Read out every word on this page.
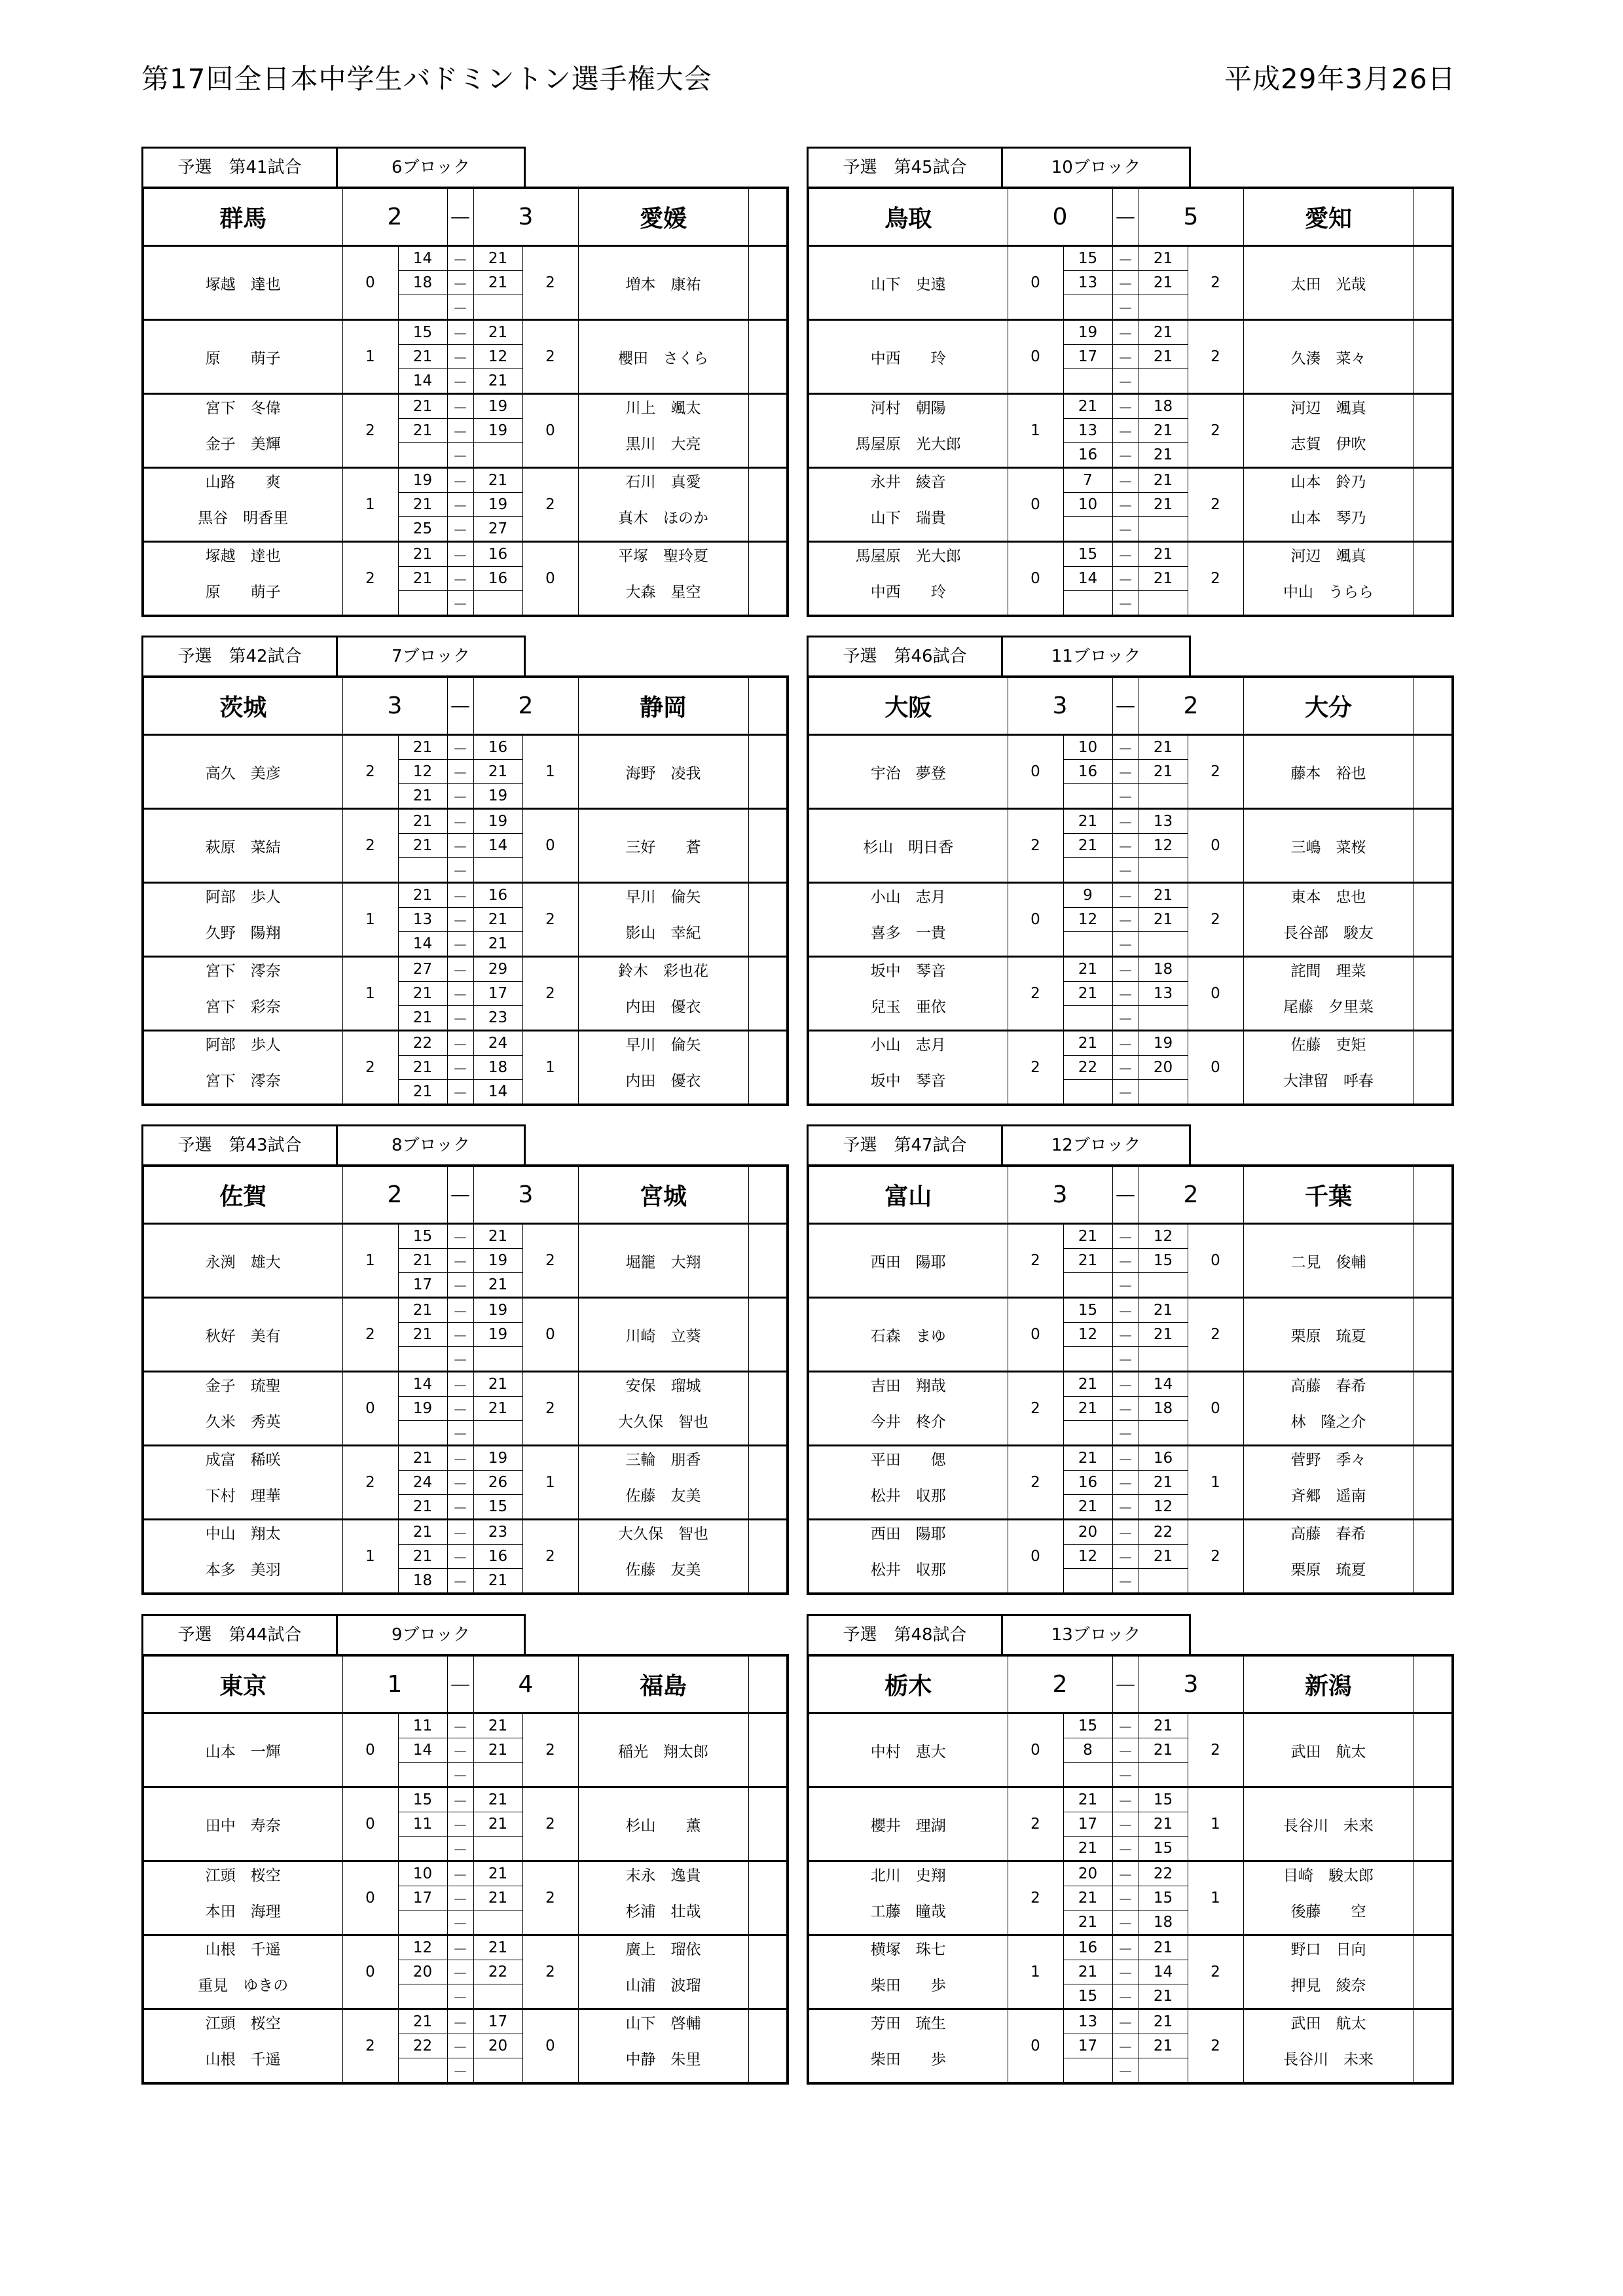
第17回全日本中学生バドミントン選手権大会	平成29年3月26日
予選　第41試合	6ブロック
群馬	2		－	3		愛媛	
塚越　達也	0	14	－	21	2	増本　康祐	
		18	－	21			
			－				
原　　萌子	1	15	－	21	2	櫻田　さくら	
		21	－	12			
		14	－	21			
宮下　冬偉	2	21	－	19	0	川上　颯太	
金子　美輝		21	－	19		黒川　大亮	
			－				
山路　　爽	1	19	－	21	2	石川　真愛	
黒谷　明香里		21	－	19		真木　ほのか	
		25	－	27			
塚越　達也	2	21	－	16	0	平塚　聖玲夏	
原　　萌子		21	－	16		大森　星空	
			－				
予選　第45試合	10ブロック
鳥取	0		－	5		愛知	
山下　史遠	0	15	－	21	2	太田　光哉	
		13	－	21			
			－				
中西　　玲	0	19	－	21	2	久湊　菜々	
		17	－	21			
			－				
河村　朝陽	1	21	－	18	2	河辺　颯真	
馬屋原　光大郎		13	－	21		志賀　伊吹	
		16	－	21			
永井　綾音	0	7	－	21	2	山本　鈴乃	
山下　瑞貴		10	－	21		山本　琴乃	
			－				
馬屋原　光大郎	0	15	－	21	2	河辺　颯真	
中西　　玲		14	－	21		中山　うらら	
			－				
予選　第42試合	7ブロック
茨城	3		－	2		静岡	
高久　美彦	2	21	－	16	1	海野　凌我	
		12	－	21			
		21	－	19			
萩原　菜結	2	21	－	19	0	三好　　蒼	
		21	－	14			
			－				
阿部　歩人	1	21	－	16	2	早川　倫矢	
久野　陽翔		13	－	21		影山　幸紀	
		14	－	21			
宮下　澪奈	1	27	－	29	2	鈴木　彩也花	
宮下　彩奈		21	－	17		内田　優衣	
		21	－	23			
阿部　歩人	2	22	－	24	1	早川　倫矢	
宮下　澪奈		21	－	18		内田　優衣	
		21	－	14			
予選　第46試合	11ブロック
大阪	3		－	2		大分	
宇治　夢登	0	10	－	21	2	藤本　裕也	
		16	－	21			
			－				
杉山　明日香	2	21	－	13	0	三嶋　菜桜	
		21	－	12			
			－				
小山　志月	0	9	－	21	2	東本　忠也	
喜多　一貴		12	－	21		長谷部　駿友	
			－				
坂中　琴音	2	21	－	18	0	詫間　理菜	
兒玉　亜依		21	－	13		尾藤　夕里菜	
			－				
小山　志月	2	21	－	19	0	佐藤　吏矩	
坂中　琴音		22	－	20		大津留　呼春	
			－				
予選　第43試合	8ブロック
佐賀	2		－	3		宮城	
永渕　雄大	1	15	－	21	2	堀籠　大翔	
		21	－	19			
		17	－	21			
秋好　美有	2	21	－	19	0	川崎　立葵	
		21	－	19			
			－				
金子　琉聖	0	14	－	21	2	安保　瑠城	
久米　秀英		19	－	21		大久保　智也	
			－				
成富　稀咲	2	21	－	19	1	三輪　朋香	
下村　理華		24	－	26		佐藤　友美	
		21	－	15			
中山　翔太	1	21	－	23	2	大久保　智也	
本多　美羽		21	－	16		佐藤　友美	
		18	－	21			
予選　第47試合	12ブロック
富山	3		－	2		千葉	
西田　陽耶	2	21	－	12	0	二見　俊輔	
		21	－	15			
			－				
石森　まゆ	0	15	－	21	2	栗原　琉夏	
		12	－	21			
			－				
吉田　翔哉	2	21	－	14	0	高藤　春希	
今井　柊介		21	－	18		林　隆之介	
			－				
平田　　偲	2	21	－	16	1	菅野　季々	
松井　収那		16	－	21		斉郷　遥南	
		21	－	12			
西田　陽耶	0	20	－	22	2	高藤　春希	
松井　収那		12	－	21		栗原　琉夏	
			－				
予選　第44試合	9ブロック
東京	1		－	4		福島	
山本　一輝	0	11	－	21	2	稲光　翔太郎	
		14	－	21			
			－				
田中　寿奈	0	15	－	21	2	杉山　　薫	
		11	－	21			
			－				
江頭　桜空	0	10	－	21	2	末永　逸貴	
本田　海理		17	－	21		杉浦　壮哉	
			－				
山根　千遥	0	12	－	21	2	廣上　瑠依	
重見　ゆきの		20	－	22		山浦　波瑠	
			－				
江頭　桜空	2	21	－	17	0	山下　啓輔	
山根　千遥		22	－	20		中静　朱里	
			－				
予選　第48試合	13ブロック
栃木	2		－	3		新潟	
中村　恵大	0	15	－	21	2	武田　航太	
		8	－	21			
			－				
櫻井　理湖	2	21	－	15	1	長谷川　未来	
		17	－	21			
		21	－	15			
北川　史翔	2	20	－	22	1	目崎　駿太郎	
工藤　瞳哉		21	－	15		後藤　　空	
		21	－	18			
横塚　珠七	1	16	－	21	2	野口　日向	
柴田　　歩		21	－	14		押見　綾奈	
		15	－	21			
芳田　琉生	0	13	－	21	2	武田　航太	
柴田　　歩		17	－	21		長谷川　未来	
			－				
